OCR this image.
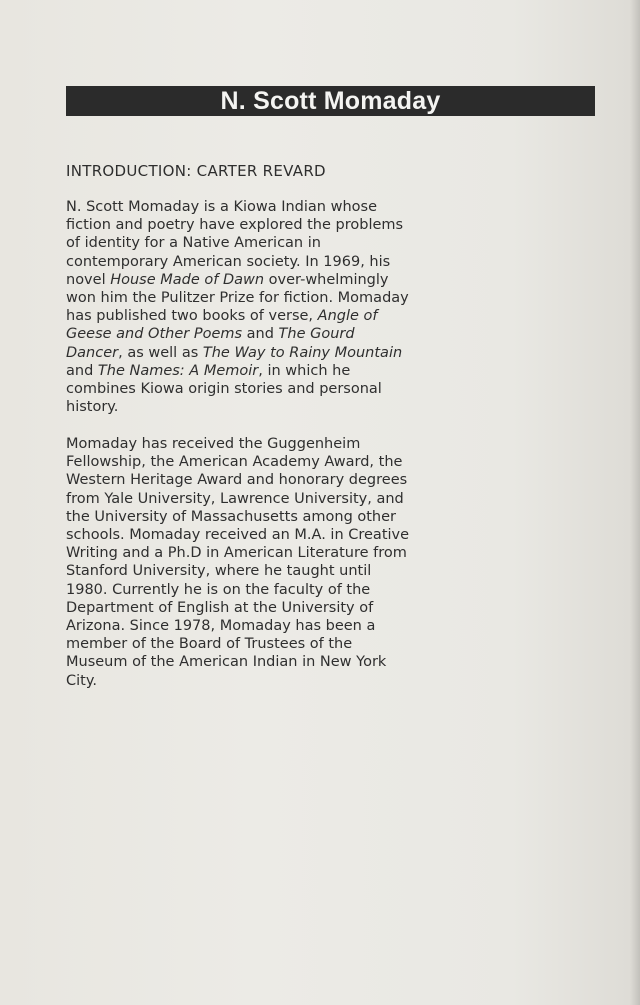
N. Scott Momaday
INTRODUCTION: CARTER REVARD

N. Scott Momaday is a Kiowa Indian whose fiction and poetry have explored the problems of identity for a Native American in contemporary American society. In 1969, his novel House Made of Dawn over-whelmingly won him the Pulitzer Prize for fiction. Momaday has published two books of verse, Angle of Geese and Other Poems and The Gourd Dancer, as well as The Way to Rainy Mountain and The Names: A Memoir, in which he combines Kiowa origin stories and personal history.

Momaday has received the Guggenheim Fellowship, the American Academy Award, the Western Heritage Award and honorary degrees from Yale University, Lawrence University, and the University of Massachusetts among other schools. Momaday received an M.A. in Creative Writing and a Ph.D in American Literature from Stanford University, where he taught until 1980. Currently he is on the faculty of the Department of English at the University of Arizona. Since 1978, Momaday has been a member of the Board of Trustees of the Museum of the American Indian in New York City.
